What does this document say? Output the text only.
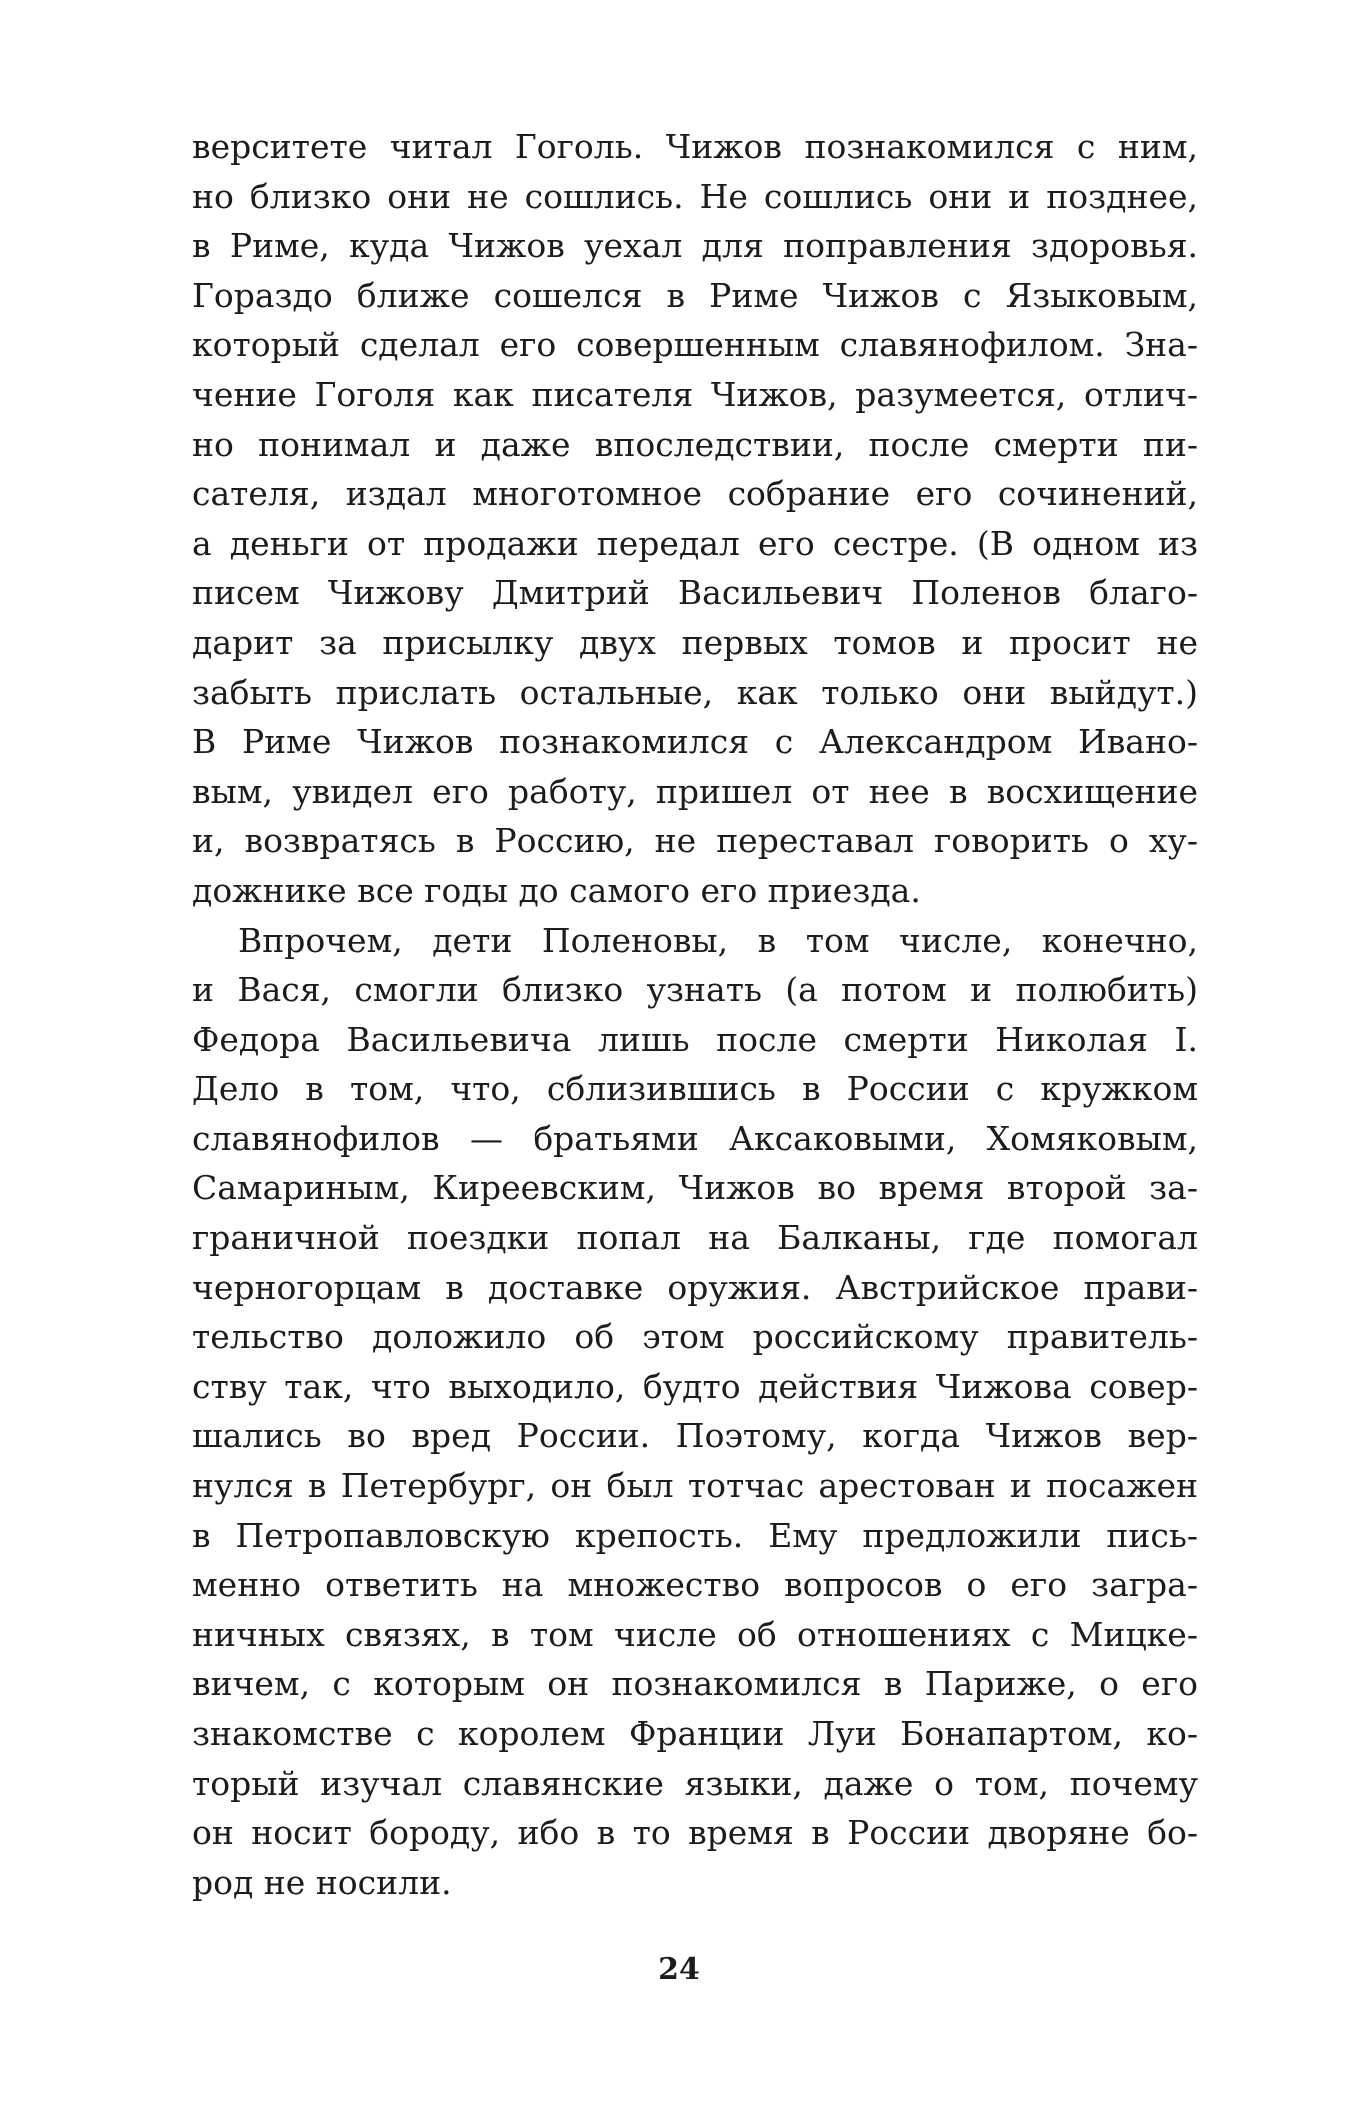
верситете читал Гоголь. Чижов познакомился с ним,
но близко они не сошлись. Не сошлись они и позднее,
в Риме, куда Чижов уехал для поправления здоровья.
Гораздо ближе сошелся в Риме Чижов с Языковым,
который сделал его совершенным славянофилом. Зна-
чение Гоголя как писателя Чижов, разумеется, отлич-
но понимал и даже впоследствии, после смерти пи-
сателя, издал многотомное собрание его сочинений,
а деньги от продажи передал его сестре. (В одном из
писем Чижову Дмитрий Васильевич Поленов благо-
дарит за присылку двух первых томов и просит не
забыть прислать остальные, как только они выйдут.)
В Риме Чижов познакомился с Александром Ивано-
вым, увидел его работу, пришел от нее в восхищение
и, возвратясь в Россию, не переставал говорить о ху-
дожнике все годы до самого его приезда.
Впрочем, дети Поленовы, в том числе, конечно,
и Вася, смогли близко узнать (а потом и полюбить)
Федора Васильевича лишь после смерти Николая I.
Дело в том, что, сблизившись в России с кружком
славянофилов — братьями Аксаковыми, Хомяковым,
Самариным, Киреевским, Чижов во время второй за-
граничной поездки попал на Балканы, где помогал
черногорцам в доставке оружия. Австрийское прави-
тельство доложило об этом российскому правитель-
ству так, что выходило, будто действия Чижова совер-
шались во вред России. Поэтому, когда Чижов вер-
нулся в Петербург, он был тотчас арестован и посажен
в Петропавловскую крепость. Ему предложили пись-
менно ответить на множество вопросов о его загра-
ничных связях, в том числе об отношениях с Мицке-
вичем, с которым он познакомился в Париже, о его
знакомстве с королем Франции Луи Бонапартом, ко-
торый изучал славянские языки, даже о том, почему
он носит бороду, ибо в то время в России дворяне бо-
род не носили.
24
